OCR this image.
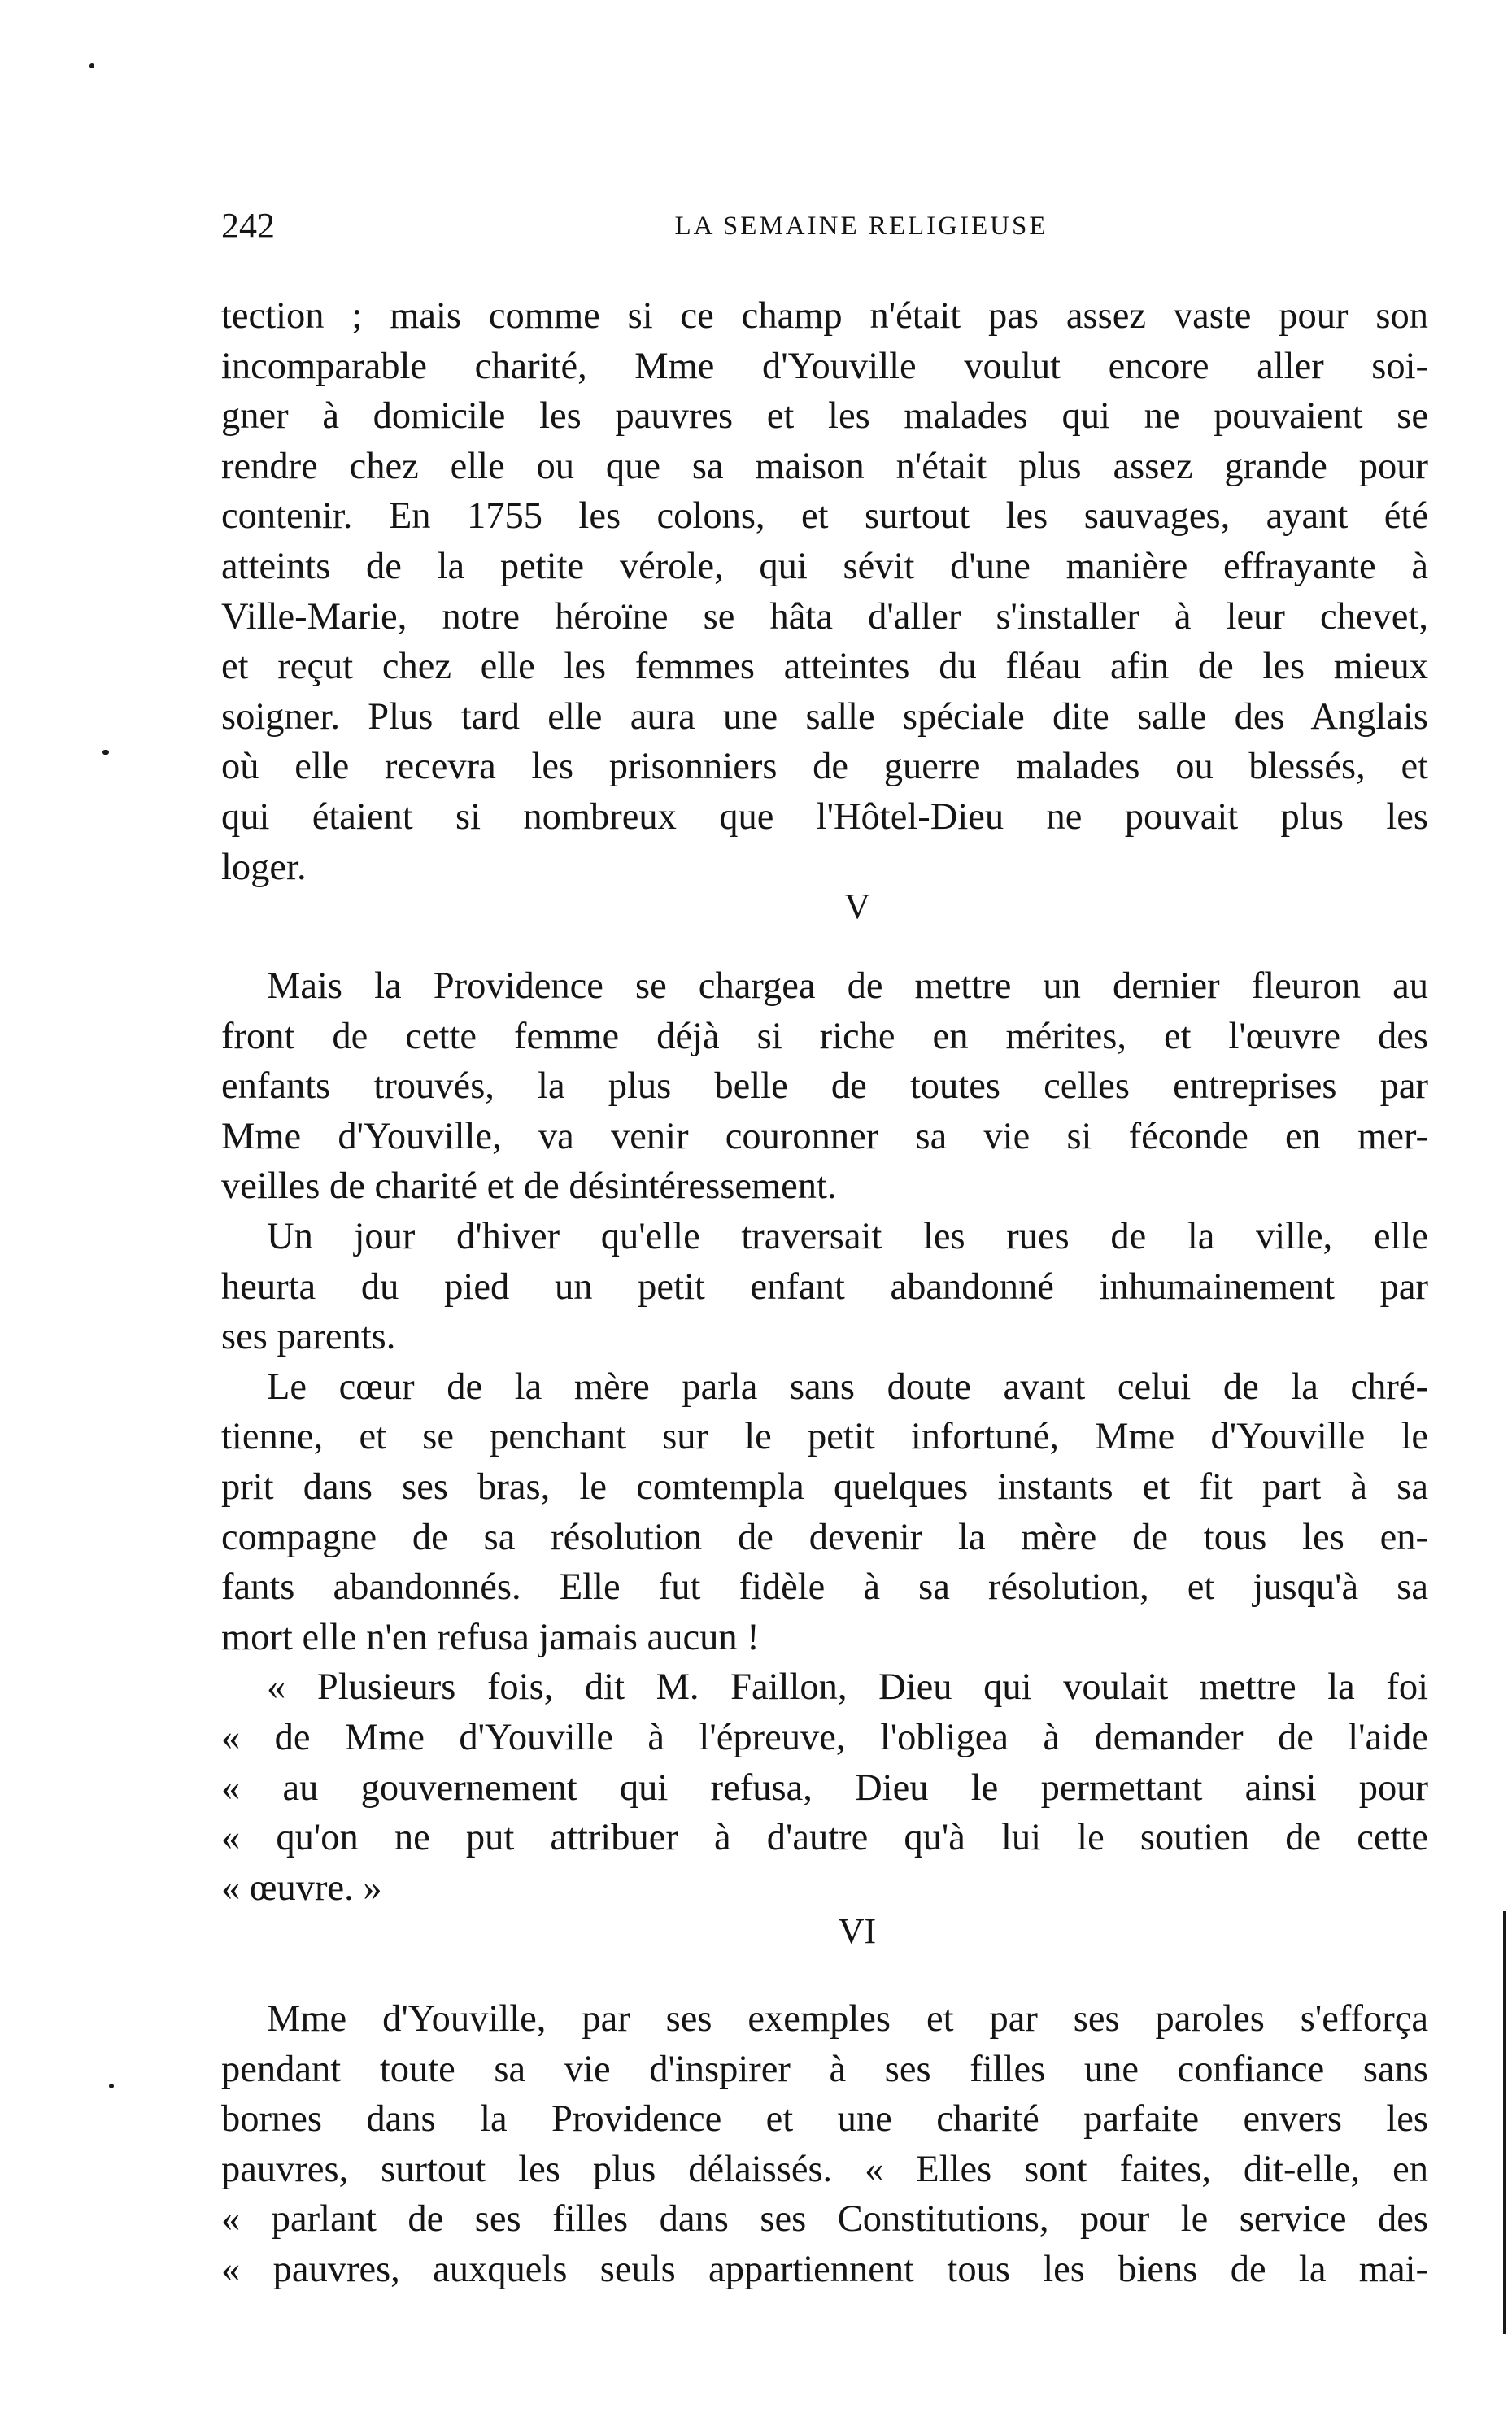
242	LA SEMAINE RELIGIEUSE
tection ; mais comme si ce champ n'était pas assez vaste pour son
incomparable charité, Mme d'Youville voulut encore aller soi-
gner à domicile les pauvres et les malades qui ne pouvaient se
rendre chez elle ou que sa maison n'était plus assez grande pour
contenir. En 1755 les colons, et surtout les sauvages, ayant été
atteints de la petite vérole, qui sévit d'une manière effrayante à
Ville-Marie, notre héroïne se hâta d'aller s'installer à leur chevet,
et reçut chez elle les femmes atteintes du fléau afin de les mieux
soigner. Plus tard elle aura une salle spéciale dite salle des Anglais
où elle recevra les prisonniers de guerre malades ou blessés, et
qui étaient si nombreux que l'Hôtel-Dieu ne pouvait plus les
loger.
V
Mais la Providence se chargea de mettre un dernier fleuron au
front de cette femme déjà si riche en mérites, et l'œuvre des
enfants trouvés, la plus belle de toutes celles entreprises par
Mme d'Youville, va venir couronner sa vie si féconde en mer-
veilles de charité et de désintéressement.
Un jour d'hiver qu'elle traversait les rues de la ville, elle
heurta du pied un petit enfant abandonné inhumainement par
ses parents.
Le cœur de la mère parla sans doute avant celui de la chré-
tienne, et se penchant sur le petit infortuné, Mme d'Youville le
prit dans ses bras, le comtempla quelques instants et fit part à sa
compagne de sa résolution de devenir la mère de tous les en-
fants abandonnés. Elle fut fidèle à sa résolution, et jusqu'à sa
mort elle n'en refusa jamais aucun !
« Plusieurs fois, dit M. Faillon, Dieu qui voulait mettre la foi
« de Mme d'Youville à l'épreuve, l'obligea à demander de l'aide
« au gouvernement qui refusa, Dieu le permettant ainsi pour
« qu'on ne put attribuer à d'autre qu'à lui le soutien de cette
« œuvre. »
VI
Mme d'Youville, par ses exemples et par ses paroles s'efforça
pendant toute sa vie d'inspirer à ses filles une confiance sans
bornes dans la Providence et une charité parfaite envers les
pauvres, surtout les plus délaissés. « Elles sont faites, dit-elle, en
« parlant de ses filles dans ses Constitutions, pour le service des
« pauvres, auxquels seuls appartiennent tous les biens de la mai-
